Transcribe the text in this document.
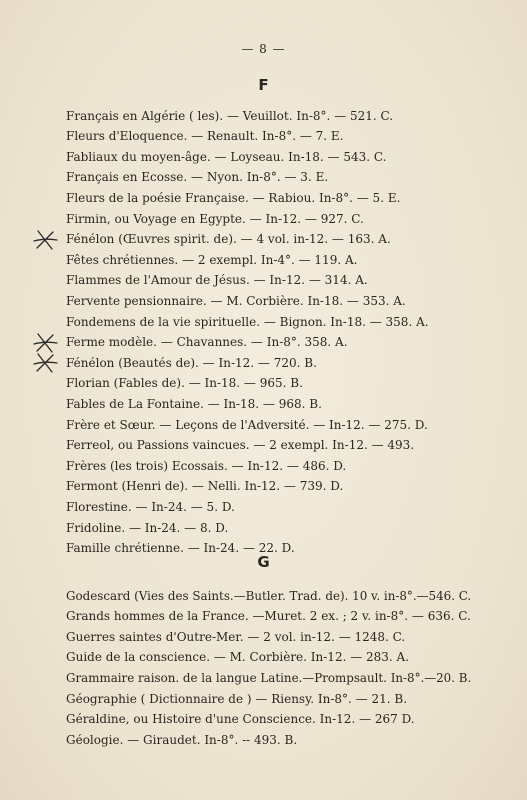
— 8 —
F
Français en Algérie ( les). — Veuillot. In-8°. — 521. C.
Fleurs d'Eloquence. — Renault. In-8°. — 7. E.
Fabliaux du moyen-âge. — Loyseau. In-18. — 543. C.
Français en Ecosse. — Nyon. In-8°. — 3. E.
Fleurs de la poésie Française. — Rabiou. In-8°. — 5. E.
Firmin, ou Voyage en Egypte. — In-12. — 927. C.
Fénélon (Œuvres spirit. de). — 4 vol. in-12. — 163. A.
Fêtes chrétiennes. — 2 exempl. In-4°. — 119. A.
Flammes de l'Amour de Jésus. — In-12. — 314. A.
Fervente pensionnaire. — M. Corbière. In-18. — 353. A.
Fondemens de la vie spirituelle. — Bignon. In-18. — 358. A.
Ferme modèle. — Chavannes. — In-8°. 358. A.
Fénélon (Beautés de). — In-12. — 720. B.
Florian (Fables de). — In-18. — 965. B.
Fables de La Fontaine. — In-18. — 968. B.
Frère et Sœur. — Leçons de l'Adversité. — In-12. — 275. D.
Ferreol, ou Passions vaincues. — 2 exempl. In-12. — 493.
Frères (les trois) Ecossais. — In-12. — 486. D.
Fermont (Henri de). — Nelli. In-12. — 739. D.
Florestine. — In-24. — 5. D.
Fridoline. — In-24. — 8. D.
Famille chrétienne. — In-24. — 22. D.
G
Godescard (Vies des Saints.—Butler. Trad. de). 10 v. in-8°.—546. C.
Grands hommes de la France. —Muret. 2 ex. ; 2 v. in-8°. — 636. C.
Guerres saintes d'Outre-Mer. — 2 vol. in-12. — 1248. C.
Guide de la conscience. — M. Corbière. In-12. — 283. A.
Grammaire raison. de la langue Latine.—Prompsault. In-8°.—20. B.
Géographie ( Dictionnaire de ) — Riensy. In-8°. — 21. B.
Géraldine, ou Histoire d'une Conscience. In-12. — 267 D.
Géologie. — Giraudet. In-8°. -- 493. B.
